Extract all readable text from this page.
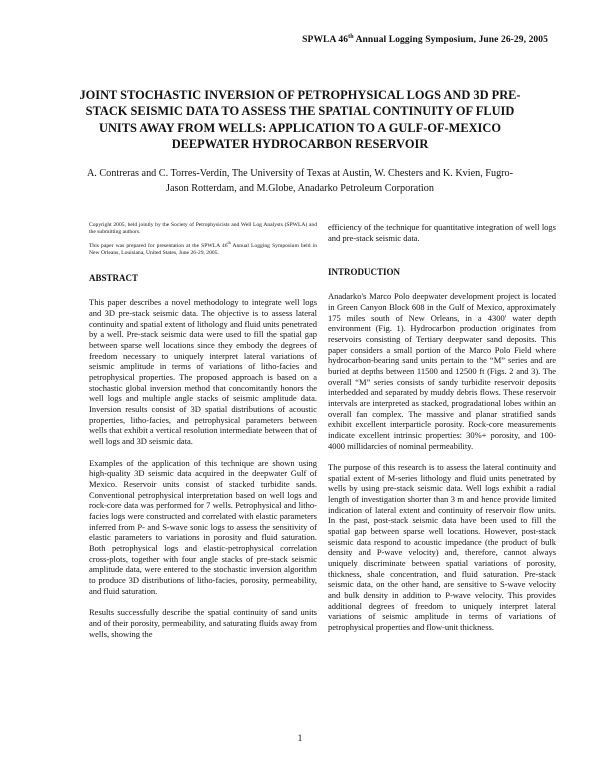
SPWLA 46th Annual Logging Symposium, June 26-29, 2005
JOINT STOCHASTIC INVERSION OF PETROPHYSICAL LOGS AND 3D PRE-STACK SEISMIC DATA TO ASSESS THE SPATIAL CONTINUITY OF FLUID UNITS AWAY FROM WELLS: APPLICATION TO A GULF-OF-MEXICO DEEPWATER HYDROCARBON RESERVOIR

A. Contreras and C. Torres-Verdín, The University of Texas at Austin, W. Chesters and K. Kvien, Fugro-Jason Rotterdam, and M.Globe, Anadarko Petroleum Corporation

Copyright 2005, held jointly by the Society of Petrophysicists and Well Log Analysts (SPWLA) and the submitting authors.

This paper was prepared for presentation at the SPWLA 46th Annual Logging Symposium held in New Orleans, Louisiana, United States, June 26-29, 2005.

ABSTRACT

This paper describes a novel methodology to integrate well logs and 3D pre-stack seismic data. The objective is to assess lateral continuity and spatial extent of lithology and fluid units penetrated by a well. Pre-stack seismic data were used to fill the spatial gap between sparse well locations since they embody the degrees of freedom necessary to uniquely interpret lateral variations of seismic amplitude in terms of variations of litho-facies and petrophysical properties. The proposed approach is based on a stochastic global inversion method that concomitantly honors the well logs and multiple angle stacks of seismic amplitude data. Inversion results consist of 3D spatial distributions of acoustic properties, litho-facies, and petrophysical parameters between wells that exhibit a vertical resolution intermediate between that of well logs and 3D seismic data.

Examples of the application of this technique are shown using high-quality 3D seismic data acquired in the deepwater Gulf of Mexico. Reservoir units consist of stacked turbidite sands. Conventional petrophysical interpretation based on well logs and rock-core data was performed for 7 wells. Petrophysical and litho-facies logs were constructed and correlated with elastic parameters inferred from P- and S-wave sonic logs to assess the sensitivity of elastic parameters to variations in porosity and fluid saturation. Both petrophysical logs and elastic-petrophysical correlation cross-plots, together with four angle stacks of pre-stack seismic amplitude data, were entered to the stochastic inversion algorithm to produce 3D distributions of litho-facies, porosity, permeability, and fluid saturation.

Results successfully describe the spatial continuity of sand units and of their porosity, permeability, and saturating fluids away from wells, showing the

efficiency of the technique for quantitative integration of well logs and pre-stack seismic data.

INTRODUCTION

Anadarko's Marco Polo deepwater development project is located in Green Canyon Block 608 in the Gulf of Mexico, approximately 175 miles south of New Orleans, in a 4300' water depth environment (Fig. 1). Hydrocarbon production originates from reservoirs consisting of Tertiary deepwater sand deposits. This paper considers a small portion of the Marco Polo Field where hydrocarbon-bearing sand units pertain to the “M” series and are buried at depths between 11500 and 12500 ft (Figs. 2 and 3). The overall “M” series consists of sandy turbidite reservoir deposits interbedded and separated by muddy debris flows. These reservoir intervals are interpreted as stacked, progradational lobes within an overall fan complex. The massive and planar stratified sands exhibit excellent interparticle porosity. Rock-core measurements indicate excellent intrinsic properties: 30%+ porosity, and 100-4000 millidarcies of nominal permeability.

The purpose of this research is to assess the lateral continuity and spatial extent of M-series lithology and fluid units penetrated by wells by using pre-stack seismic data. Well logs exhibit a radial length of investigation shorter than 3 m and hence provide limited indication of lateral extent and continuity of reservoir flow units. In the past, post-stack seismic data have been used to fill the spatial gap between sparse well locations. However, post-stack seismic data respond to acoustic impedance (the product of bulk density and P-wave velocity) and, therefore, cannot always uniquely discriminate between spatial variations of porosity, thickness, shale concentration, and fluid saturation. Pre-stack seismic data, on the other hand, are sensitive to S-wave velocity and bulk density in addition to P-wave velocity. This provides additional degrees of freedom to uniquely interpret lateral variations of seismic amplitude in terms of variations of petrophysical properties and flow-unit thickness.

1
